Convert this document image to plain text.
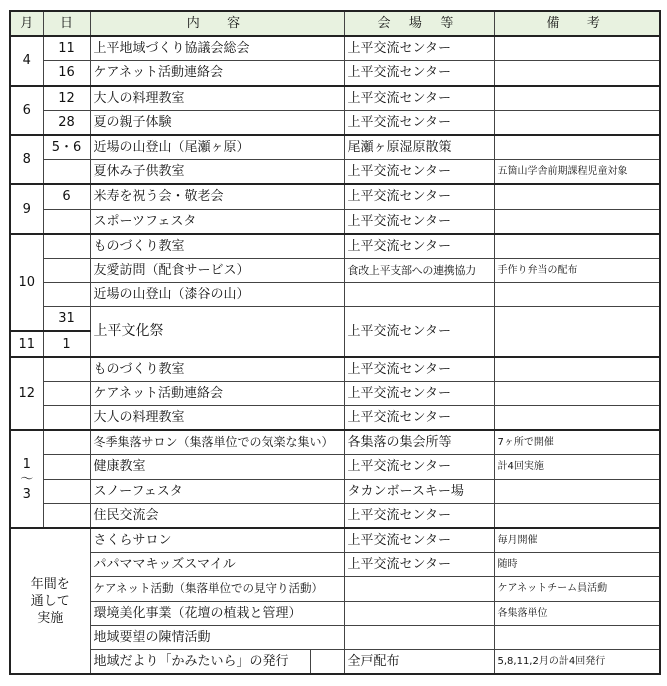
月	日	内　容		会 場 等	備　考
4	11	上平地域づくり協議会総会		上平交流センター	
	16	ケアネット活動連絡会		上平交流センター	
6	12	大人の料理教室		上平交流センター	
	28	夏の親子体験		上平交流センター	
8	5・6	近場の山登山（尾瀬ヶ原）		尾瀬ヶ原湿原散策	
		夏休み子供教室		上平交流センター	五箇山学舎前期課程児童対象
9	6	米寿を祝う会・敬老会		上平交流センター	
		スポーツフェスタ		上平交流センター	
10		ものづくり教室		上平交流センター	
		友愛訪問（配食サービス）		食改上平支部への連携協力	手作り弁当の配布
		近場の山登山（漆谷の山）			
	31	上平文化祭		上平交流センター	
11	1				
12		ものづくり教室		上平交流センター	
		ケアネット活動連絡会		上平交流センター	
		大人の料理教室		上平交流センター	

1
～
3		冬季集落サロン（集落単位での気楽な集い）		各集落の集会所等	7ヶ所で開催
		健康教室		上平交流センター	計4回実施
		スノーフェスタ		タカンボースキー場	
		住民交流会		上平交流センター	

年間を
通して
実施		さくらサロン		上平交流センター	毎月開催
		パパママキッズスマイル		上平交流センター	随時
		ケアネット活動（集落単位での見守り活動）			ケアネットチーム員活動
		環境美化事業（花壇の植栽と管理）			各集落単位
		地域要望の陳情活動			
		地域だより「かみたいら」の発行		全戸配布	5,8,11,2月の計4回発行
